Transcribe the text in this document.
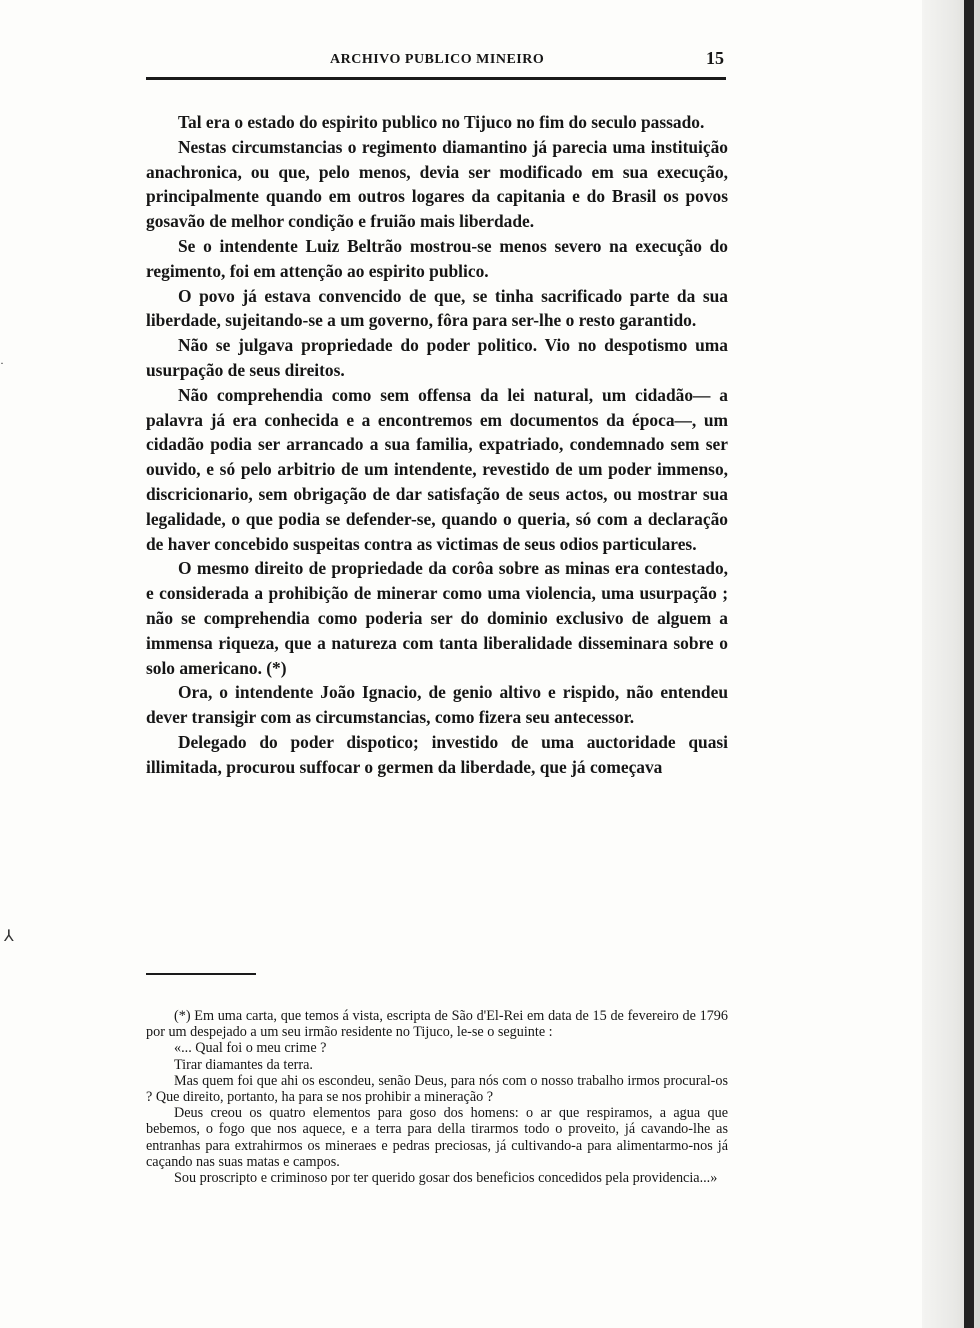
ARCHIVO PUBLICO MINEIRO	15

Tal era o estado do espirito publico no Tijuco no fim do seculo passado.

Nestas circumstancias o regimento diamantino já parecia uma instituição anachronica, ou que, pelo menos, devia ser modificado em sua execução, principalmente quando em outros logares da capitania e do Brasil os povos gosavão de melhor condição e fruião mais liberdade.

Se o intendente Luiz Beltrão mostrou-se menos severo na execução do regimento, foi em attenção ao espirito publico.

O povo já estava convencido de que, se tinha sacrificado parte da sua liberdade, sujeitando-se a um governo, fôra para ser-lhe o resto garantido.

Não se julgava propriedade do poder politico. Vio no despotismo uma usurpação de seus direitos.

Não comprehendia como sem offensa da lei natural, um cidadão— a palavra já era conhecida e a encontremos em documentos da época—, um cidadão podia ser arrancado a sua familia, expatriado, condemnado sem ser ouvido, e só pelo arbitrio de um intendente, revestido de um poder immenso, discricionario, sem obrigação de dar satisfação de seus actos, ou mostrar sua legalidade, o que podia se defender-se, quando o queria, só com a declaração de haver concebido suspeitas contra as victimas de seus odios particulares.

O mesmo direito de propriedade da corôa sobre as minas era contestado, e considerada a prohibição de minerar como uma violencia, uma usurpação ; não se comprehendia como poderia ser do dominio exclusivo de alguem a immensa riqueza, que a natureza com tanta liberalidade disseminara sobre o solo americano. (*)

Ora, o intendente João Ignacio, de genio altivo e rispido, não entendeu dever transigir com as circumstancias, como fizera seu antecessor.

Delegado do poder dispotico; investido de uma auctoridade quasi illimitada, procurou suffocar o germen da liberdade, que já começava

(*) Em uma carta, que temos á vista, escripta de São d'El-Rei em data de 15 de fevereiro de 1796 por um despejado a um seu irmão residente no Tijuco, le-se o seguinte :

«... Qual foi o meu crime ?

Tirar diamantes da terra.

Mas quem foi que ahi os escondeu, senão Deus, para nós com o nosso trabalho irmos procural-os ? Que direito, portanto, ha para se nos prohibir a mineração ?

Deus creou os quatro elementos para goso dos homens: o ar que respiramos, a agua que bebemos, o fogo que nos aquece, e a terra para della tirarmos todo o proveito, já cavando-lhe as entranhas para extrahirmos os mineraes e pedras preciosas, já cultivando-a para alimentarmo-nos já caçando nas suas matas e campos.

Sou proscripto e criminoso por ter querido gosar dos beneficios concedidos pela providencia...»

⅄
·
